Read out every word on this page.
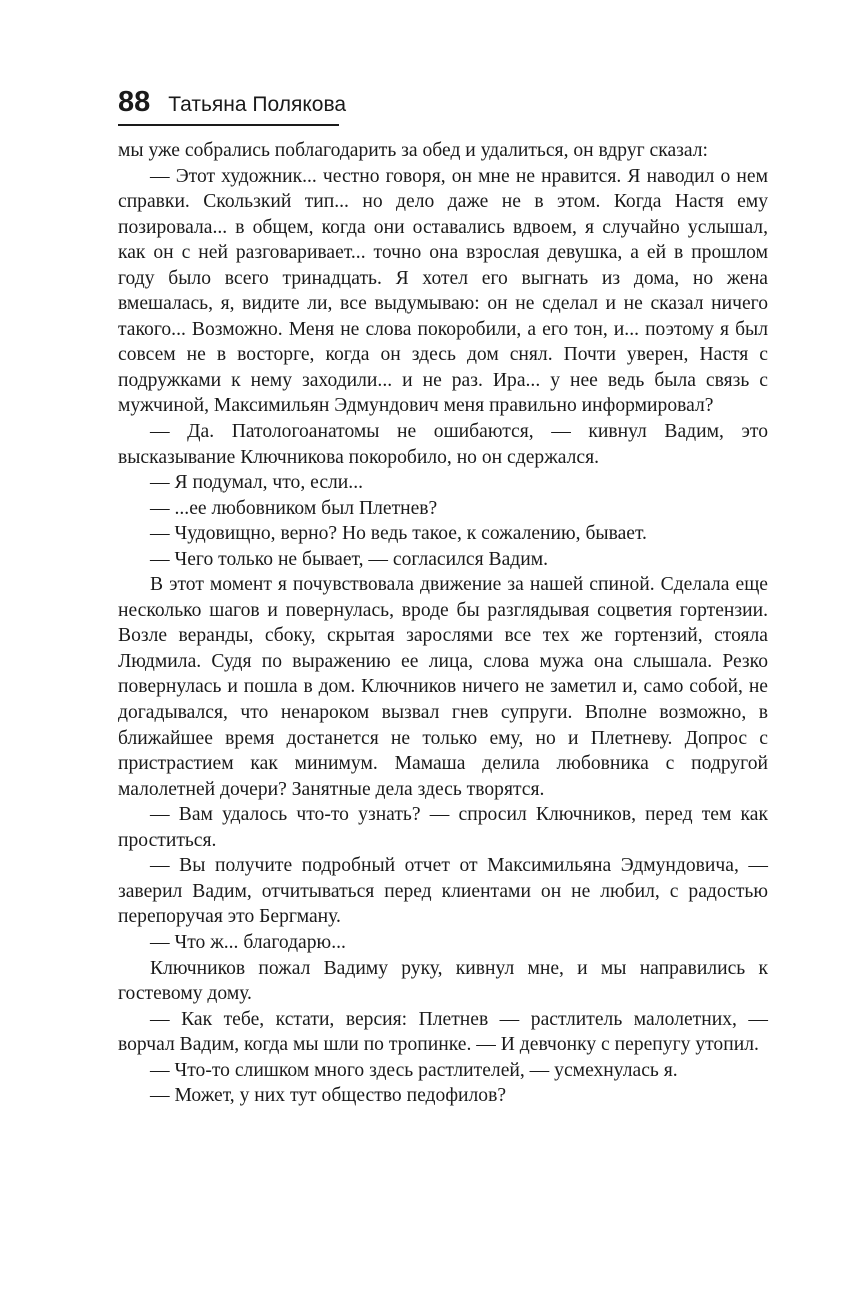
88 Татьяна Полякова

мы уже собрались поблагодарить за обед и удалиться, он вдруг сказал:

— Этот художник... честно говоря, он мне не нравится. Я наводил о нем справки. Скользкий тип... но дело даже не в этом. Когда Настя ему позировала... в общем, когда они оставались вдвоем, я случайно услышал, как он с ней разговаривает... точно она взрослая девушка, а ей в прошлом году было всего тринадцать. Я хотел его выгнать из дома, но жена вмешалась, я, видите ли, все выдумываю: он не сделал и не сказал ничего такого... Возможно. Меня не слова покоробили, а его тон, и... поэтому я был совсем не в восторге, когда он здесь дом снял. Почти уверен, Настя с подружками к нему заходили... и не раз. Ира... у нее ведь была связь с мужчиной, Максимильян Эдмундович меня правильно информировал?

— Да. Патологоанатомы не ошибаются, — кивнул Вадим, это высказывание Ключникова покоробило, но он сдержался.

— Я подумал, что, если...

— ...ее любовником был Плетнев?

— Чудовищно, верно? Но ведь такое, к сожалению, бывает.

— Чего только не бывает, — согласился Вадим.

В этот момент я почувствовала движение за нашей спиной. Сделала еще несколько шагов и повернулась, вроде бы разглядывая соцветия гортензии. Возле веранды, сбоку, скрытая зарослями все тех же гортензий, стояла Людмила. Судя по выражению ее лица, слова мужа она слышала. Резко повернулась и пошла в дом. Ключников ничего не заметил и, само собой, не догадывался, что ненароком вызвал гнев супруги. Вполне возможно, в ближайшее время достанется не только ему, но и Плетневу. Допрос с пристрастием как минимум. Мамаша делила любовника с подругой малолетней дочери? Занятные дела здесь творятся.

— Вам удалось что-то узнать? — спросил Ключников, перед тем как проститься.

— Вы получите подробный отчет от Максимильяна Эдмундовича, — заверил Вадим, отчитываться перед клиентами он не любил, с радостью перепоручая это Бергману.

— Что ж... благодарю...

Ключников пожал Вадиму руку, кивнул мне, и мы направились к гостевому дому.

— Как тебе, кстати, версия: Плетнев — растлитель малолетних, — ворчал Вадим, когда мы шли по тропинке. — И девчонку с перепугу утопил.

— Что-то слишком много здесь растлителей, — усмехнулась я.

— Может, у них тут общество педофилов?
